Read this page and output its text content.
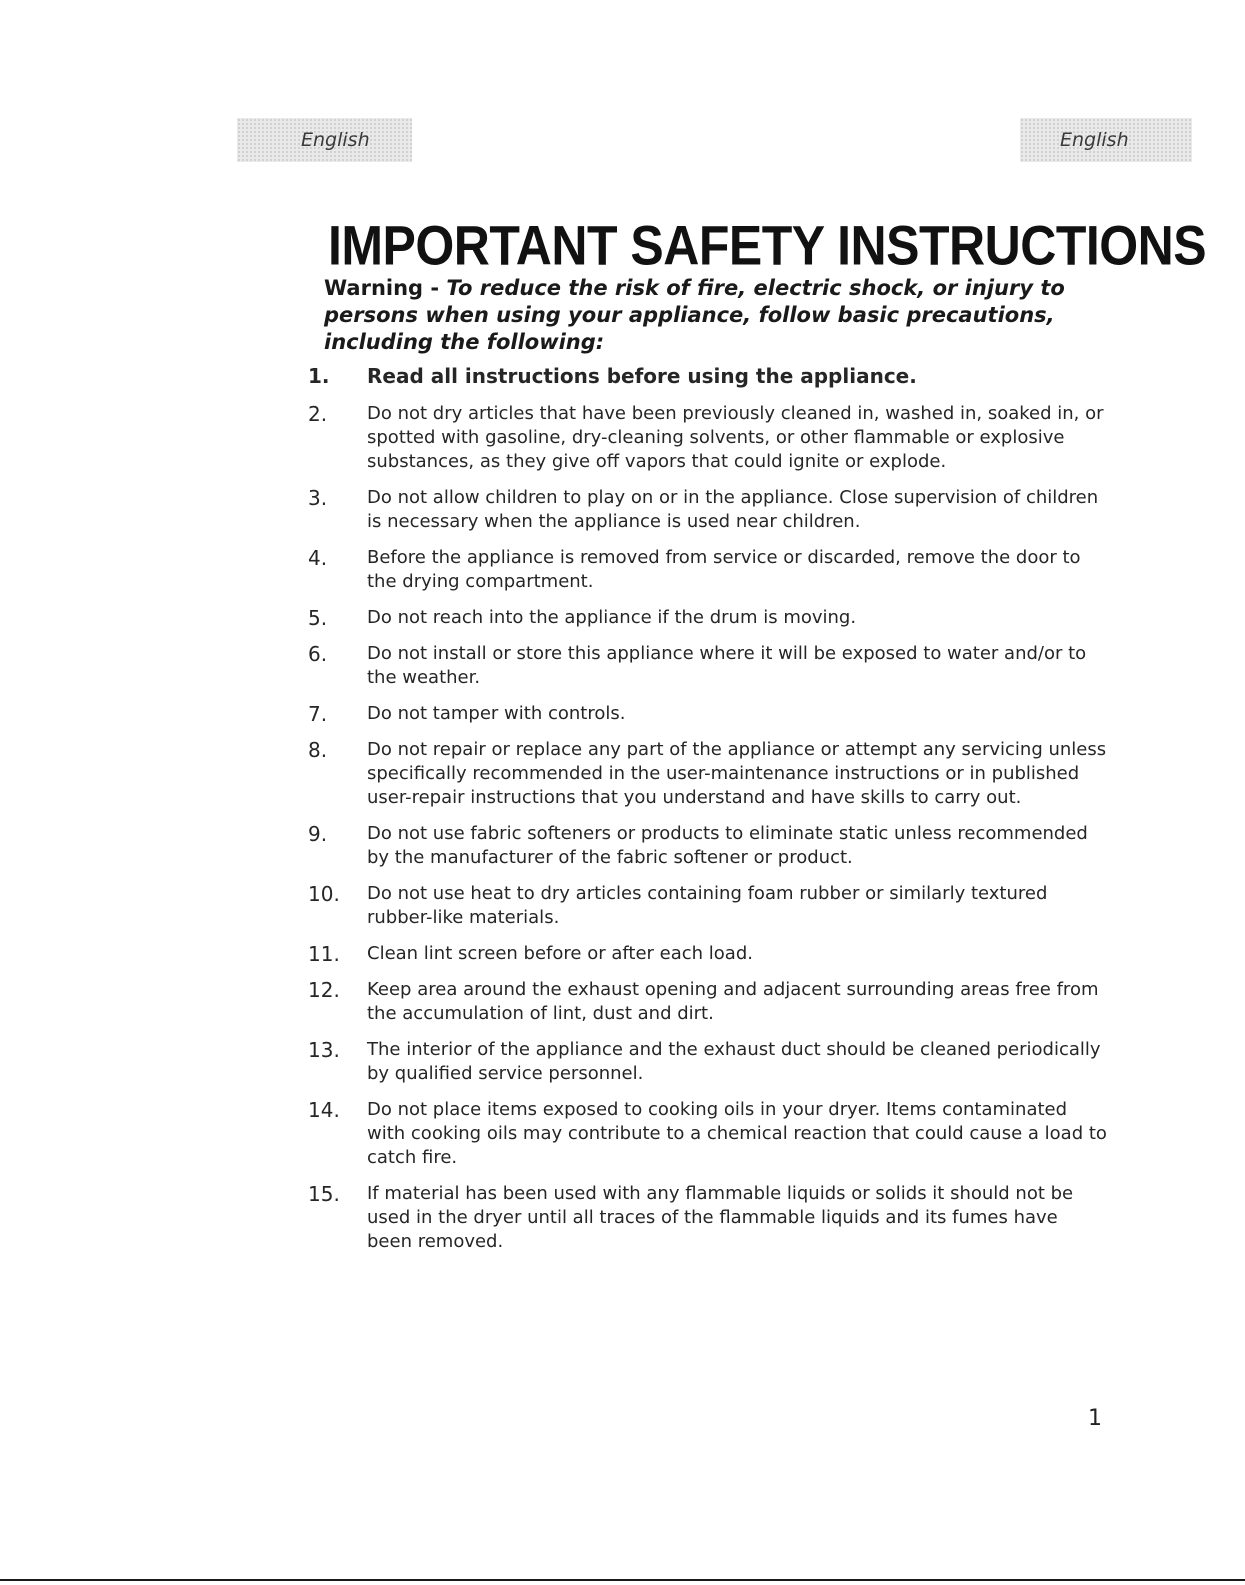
English	English
IMPORTANT SAFETY INSTRUCTIONS
Warning - To reduce the risk of fire, electric shock, or injury to persons when using your appliance, follow basic precautions, including the following:
1.	Read all instructions before using the appliance.
2.	Do not dry articles that have been previously cleaned in, washed in, soaked in, or spotted with gasoline, dry-cleaning solvents, or other flammable or explosive substances, as they give off vapors that could ignite or explode.
3.	Do not allow children to play on or in the appliance. Close supervision of children is necessary when the appliance is used near children.
4.	Before the appliance is removed from service or discarded, remove the door to the drying compartment.
5.	Do not reach into the appliance if the drum is moving.
6.	Do not install or store this appliance where it will be exposed to water and/or to the weather.
7.	Do not tamper with controls.
8.	Do not repair or replace any part of the appliance or attempt any servicing unless specifically recommended in the user-maintenance instructions or in published user-repair instructions that you understand and have skills to carry out.
9.	Do not use fabric softeners or products to eliminate static unless recommended by the manufacturer of the fabric softener or product.
10.	Do not use heat to dry articles containing foam rubber or similarly textured rubber-like materials.
11.	Clean lint screen before or after each load.
12.	Keep area around the exhaust opening and adjacent surrounding areas free from the accumulation of lint, dust and dirt.
13.	The interior of the appliance and the exhaust duct should be cleaned periodically by qualified service personnel.
14.	Do not place items exposed to cooking oils in your dryer. Items contaminated with cooking oils may contribute to a chemical reaction that could cause a load to catch fire.
15.	If material has been used with any flammable liquids or solids it should not be used in the dryer until all traces of the flammable liquids and its fumes have been removed.
1
